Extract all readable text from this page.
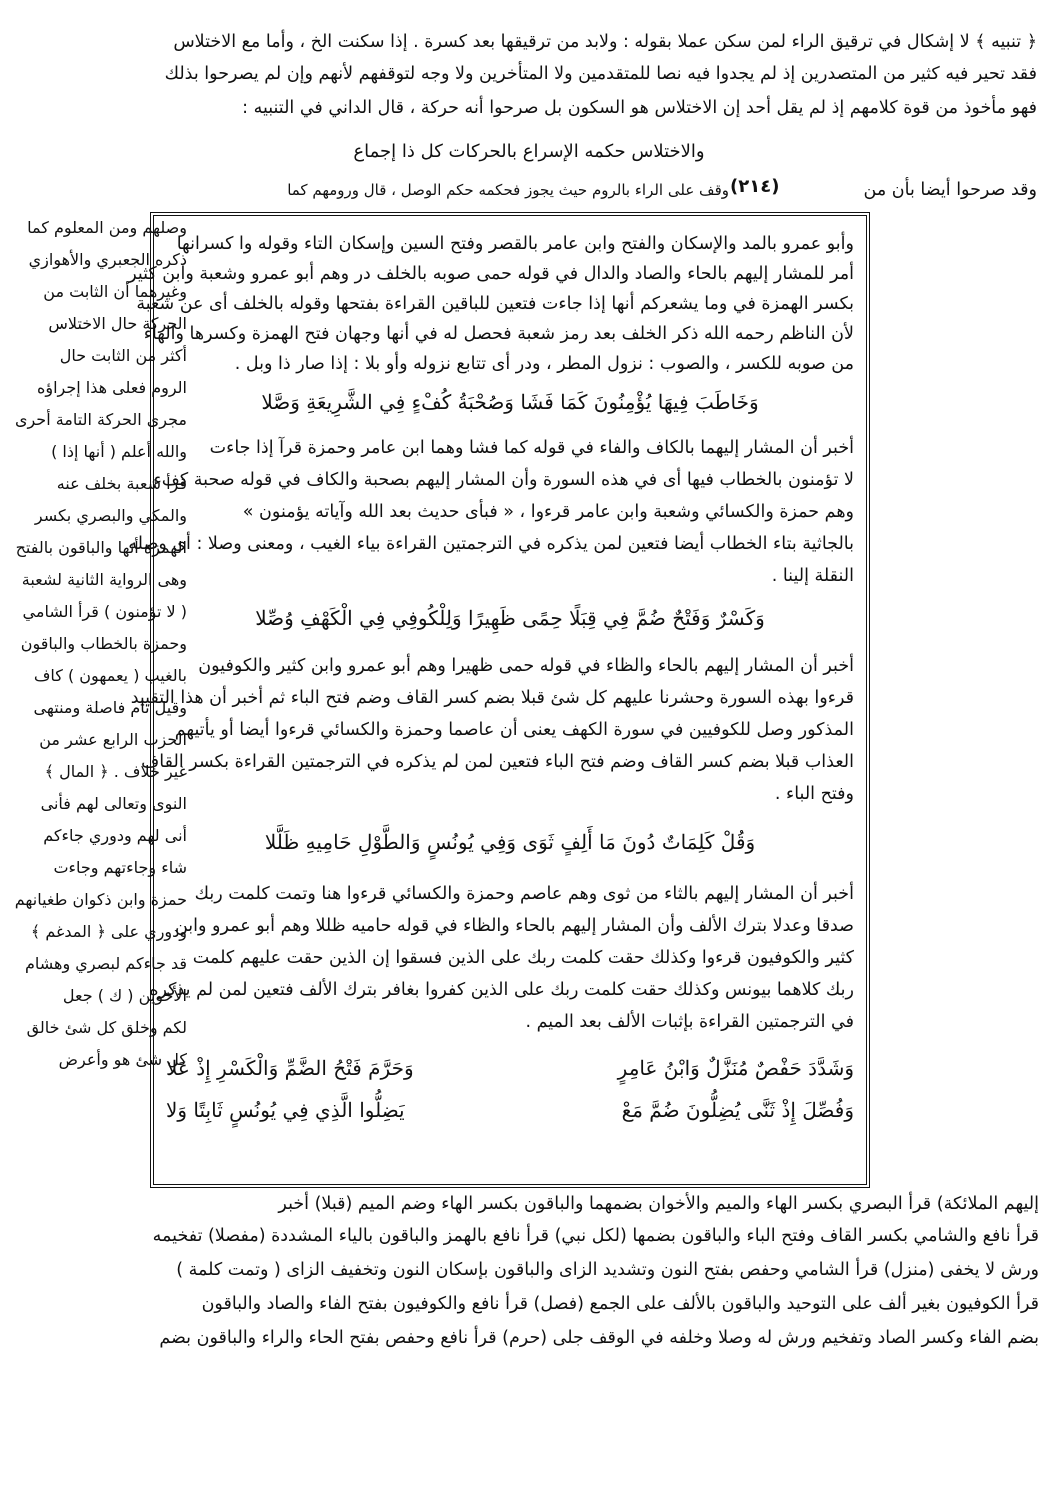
﴿ تنبيه ﴾ لا إشكال في ترقيق الراء لمن سكن عملا بقوله : ولابد من ترقيقها بعد كسرة . إذا سكنت الخ ، وأما مع الاختلاس
فقد تحير فيه كثير من المتصدرين إذ لم يجدوا فيه نصا للمتقدمين ولا المتأخرين ولا وجه لتوقفهم لأنهم وإن لم يصرحوا بذلك
فهو مأخوذ من قوة كلامهم إذ لم يقل أحد إن الاختلاس هو السكون بل صرحوا أنه حركة ، قال الداني في التنبيه :
والاختلاس حكمه الإسراع بالحركات كل ذا إجماع
وقد صرحوا أيضا بأن من
(٢١٤)
وقف على الراء بالروم حيث يجوز فحكمه حكم الوصل ، قال ورومهم كما
وصلهم ومن المعلوم كما
ذكره الجعبري والأهوازي
وغيرهما أن الثابت من
الحركة حال الاختلاس
أكثر من الثابت حال
الروم فعلى هذا إجراؤه
مجرى الحركة التامة أحرى
والله أعلم ( أنها إذا )
قرأ شعبة بخلف عنه
والمكي والبصري بكسر
الهمزة أنها والباقون بالفتح
وهى الرواية الثانية لشعبة
( لا تؤمنون ) قرأ الشامي
وحمزة بالخطاب والباقون
بالغيب ( يعمهون ) كاف
وقيل تام فاصلة ومنتهى
الحزب الرابع عشر من
غير خلاف . ﴿ المال ﴾
النوى وتعالى لهم فأنى
أنى لهم ودوري جاءكم
شاء وجاءتهم وجاءت
حمزة وابن ذكوان طغيانهم
ودوري على ﴿ المدغم ﴾
قد جاءكم لبصري وهشام
الأخوين ( ك ) جعل
لكم وخلق كل شئ خالق
كل شئ هو وأعرض
وأبو عمرو بالمد والإسكان والفتح وابن عامر بالقصر وفتح السين وإسكان التاء وقوله وا كسرانها
أمر للمشار إليهم بالحاء والصاد والدال في قوله حمى صوبه بالخلف در وهم أبو عمرو وشعبة وابن كثير
بكسر الهمزة في وما يشعركم أنها إذا جاءت فتعين للباقين القراءة بفتحها وقوله بالخلف أى عن شعبة
لأن الناظم رحمه الله ذكر الخلف بعد رمز شعبة فحصل له في أنها وجهان فتح الهمزة وكسرها والهاء
من صوبه للكسر ، والصوب : نزول المطر ، ودر أى تتابع نزوله وأو بلا : إذا صار ذا وبل .
وَخَاطَبَ فِيهَا يُؤْمِنُونَ كَمَا فَشَا وَصُحْبَةُ كُفْءٍ فِي الشَّرِيعَةِ وَصَّلا
أخبر أن المشار إليهما بالكاف والفاء في قوله كما فشا وهما ابن عامر وحمزة قرآ إذا جاءت
لا تؤمنون بالخطاب فيها أى في هذه السورة وأن المشار إليهم بصحبة والكاف في قوله صحبة كفء
وهم حمزة والكسائي وشعبة وابن عامر قرءوا ، « فبأى حديث بعد الله وآياته يؤمنون »
بالجاثية بتاء الخطاب أيضا فتعين لمن يذكره في الترجمتين القراءة بياء الغيب ، ومعنى وصلا : أى وصله
النقلة إلينا .
وَكَسْرٌ وَفَتْحٌ ضُمَّ فِي قِبَلًا حِمًى ظَهِيرًا وَلِلْكُوفِي فِي الْكَهْفِ وُصِّلا
أخبر أن المشار إليهم بالحاء والظاء في قوله حمى ظهيرا وهم أبو عمرو وابن كثير والكوفيون
قرءوا بهذه السورة وحشرنا عليهم كل شئ قبلا بضم كسر القاف وضم فتح الباء ثم أخبر أن هذا التقييد
المذكور وصل للكوفيين في سورة الكهف يعنى أن عاصما وحمزة والكسائي قرءوا أيضا أو يأتيهم
العذاب قبلا بضم كسر القاف وضم فتح الباء فتعين لمن لم يذكره في الترجمتين القراءة بكسر القاف
وفتح الباء .
وَقُلْ كَلِمَاتٌ دُونَ مَا أَلِفٍ ثَوَى وَفِي يُونُسٍ وَالطَّوْلِ حَامِيهِ ظَلَّلا
أخبر أن المشار إليهم بالثاء من ثوى وهم عاصم وحمزة والكسائي قرءوا هنا وتمت كلمت ربك
صدقا وعدلا بترك الألف وأن المشار إليهم بالحاء والظاء في قوله حاميه ظللا وهم أبو عمرو وابن
كثير والكوفيون قرءوا وكذلك حقت كلمت ربك على الذين فسقوا إن الذين حقت عليهم كلمت
ربك كلاهما بيونس وكذلك حقت كلمت ربك على الذين كفروا بغافر بترك الألف فتعين لمن لم يذكره
في الترجمتين القراءة بإثبات الألف بعد الميم .
وَشَدَّدَ حَفْصٌ مُنَزَّلٌ وَابْنُ عَامِرٍ
وَحَرَّمَ فَتْحُ الضَّمِّ وَالْكَسْرِ إِذْ عَلا
وَفُصِّلَ إِذْ ثَنَّى يُضِلُّونَ ضُمَّ مَعْ
يَضِلُّوا الَّذِي فِي يُونُسٍ ثَابِتًا وَلا
إليهم الملائكة) قرأ البصري بكسر الهاء والميم والأخوان بضمهما والباقون بكسر الهاء وضم الميم (قبلا) أخبر
قرأ نافع والشامي بكسر القاف وفتح الباء والباقون بضمها (لكل نبي) قرأ نافع بالهمز والباقون بالياء المشددة (مفصلا) تفخيمه
ورش لا يخفى (منزل) قرأ الشامي وحفص بفتح النون وتشديد الزاى والباقون بإسكان النون وتخفيف الزاى ( وتمت كلمة )
قرأ الكوفيون بغير ألف على التوحيد والباقون بالألف على الجمع (فصل) قرأ نافع والكوفيون بفتح الفاء والصاد والباقون
بضم الفاء وكسر الصاد وتفخيم ورش له وصلا وخلفه في الوقف جلى (حرم) قرأ نافع وحفص بفتح الحاء والراء والباقون بضم
